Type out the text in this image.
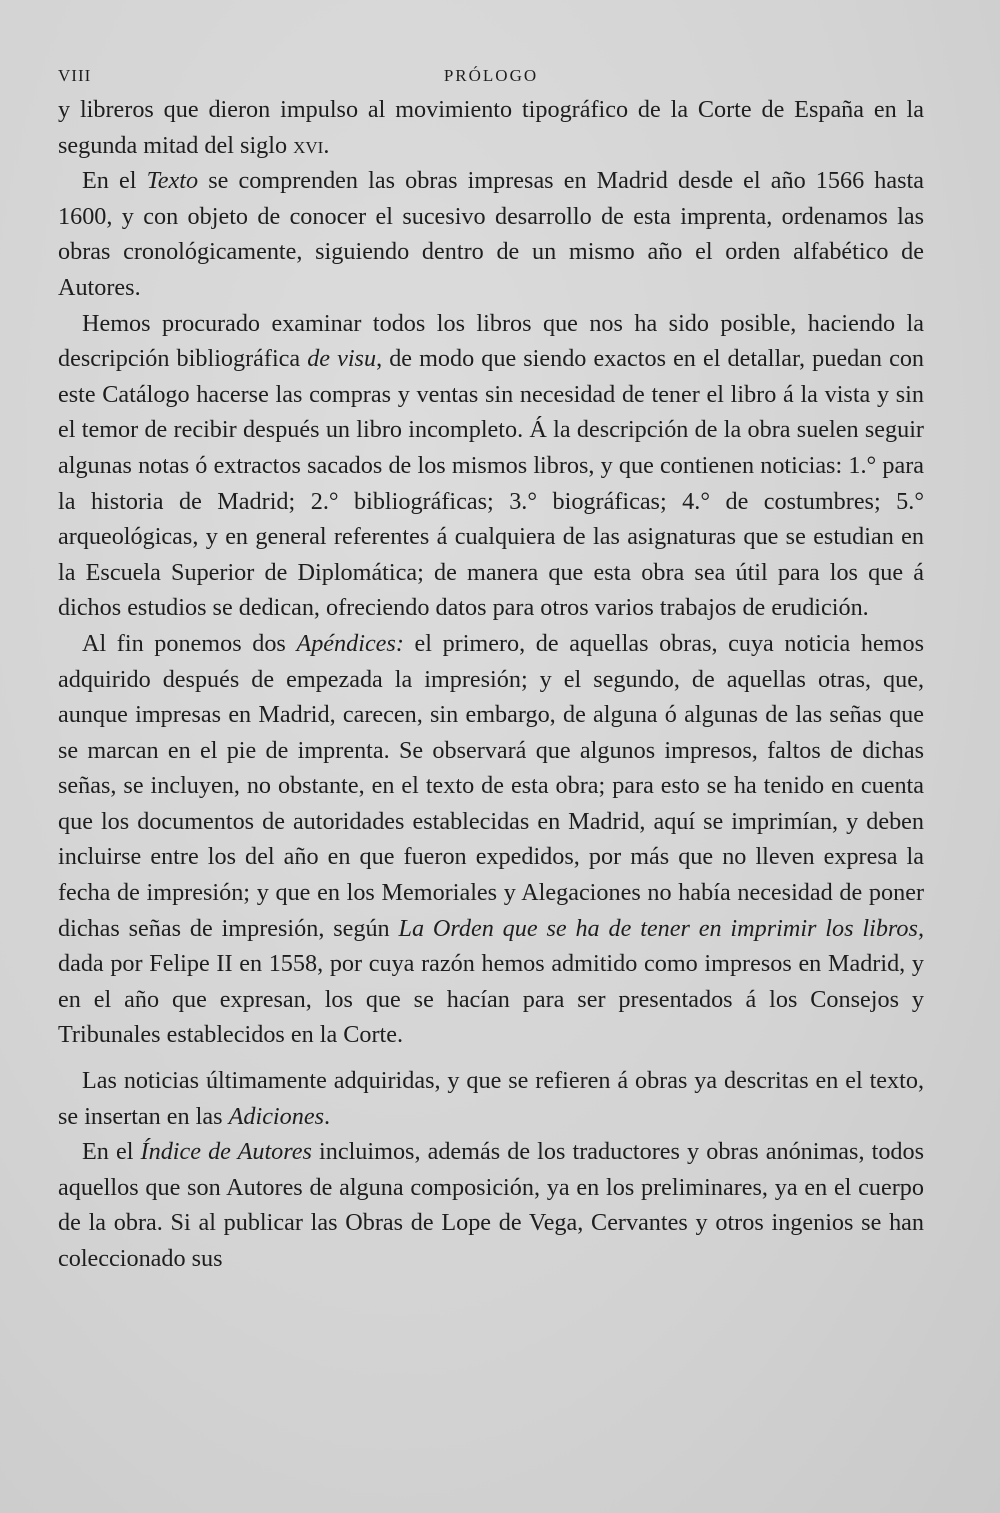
VIII	PRÓLOGO

y libreros que dieron impulso al movimiento tipográfico de la Corte de España en la segunda mitad del siglo xvi.

En el Texto se comprenden las obras impresas en Madrid desde el año 1566 hasta 1600, y con objeto de conocer el sucesivo desarrollo de esta imprenta, ordenamos las obras cronológicamente, siguiendo dentro de un mismo año el orden alfabético de Autores.

Hemos procurado examinar todos los libros que nos ha sido posible, haciendo la descripción bibliográfica de visu, de modo que siendo exactos en el detallar, puedan con este Catálogo hacerse las compras y ventas sin necesidad de tener el libro á la vista y sin el temor de recibir después un libro incompleto. Á la descripción de la obra suelen seguir algunas notas ó extractos sacados de los mismos libros, y que contienen noticias: 1.° para la historia de Madrid; 2.° bibliográficas; 3.° biográficas; 4.° de costumbres; 5.° arqueológicas, y en general referentes á cualquiera de las asignaturas que se estudian en la Escuela Superior de Diplomática; de manera que esta obra sea útil para los que á dichos estudios se dedican, ofreciendo datos para otros varios trabajos de erudición.

Al fin ponemos dos Apéndices: el primero, de aquellas obras, cuya noticia hemos adquirido después de empezada la impresión; y el segundo, de aquellas otras, que, aunque impresas en Madrid, carecen, sin embargo, de alguna ó algunas de las señas que se marcan en el pie de imprenta. Se observará que algunos impresos, faltos de dichas señas, se incluyen, no obstante, en el texto de esta obra; para esto se ha tenido en cuenta que los documentos de autoridades establecidas en Madrid, aquí se imprimían, y deben incluirse entre los del año en que fueron expedidos, por más que no lleven expresa la fecha de impresión; y que en los Memoriales y Alegaciones no había necesidad de poner dichas señas de impresión, según La Orden que se ha de tener en imprimir los libros, dada por Felipe II en 1558, por cuya razón hemos admitido como impresos en Madrid, y en el año que expresan, los que se hacían para ser presentados á los Consejos y Tribunales establecidos en la Corte.

Las noticias últimamente adquiridas, y que se refieren á obras ya descritas en el texto, se insertan en las Adiciones.

En el Índice de Autores incluimos, además de los traductores y obras anónimas, todos aquellos que son Autores de alguna composición, ya en los preliminares, ya en el cuerpo de la obra. Si al publicar las Obras de Lope de Vega, Cervantes y otros ingenios se han coleccionado sus
